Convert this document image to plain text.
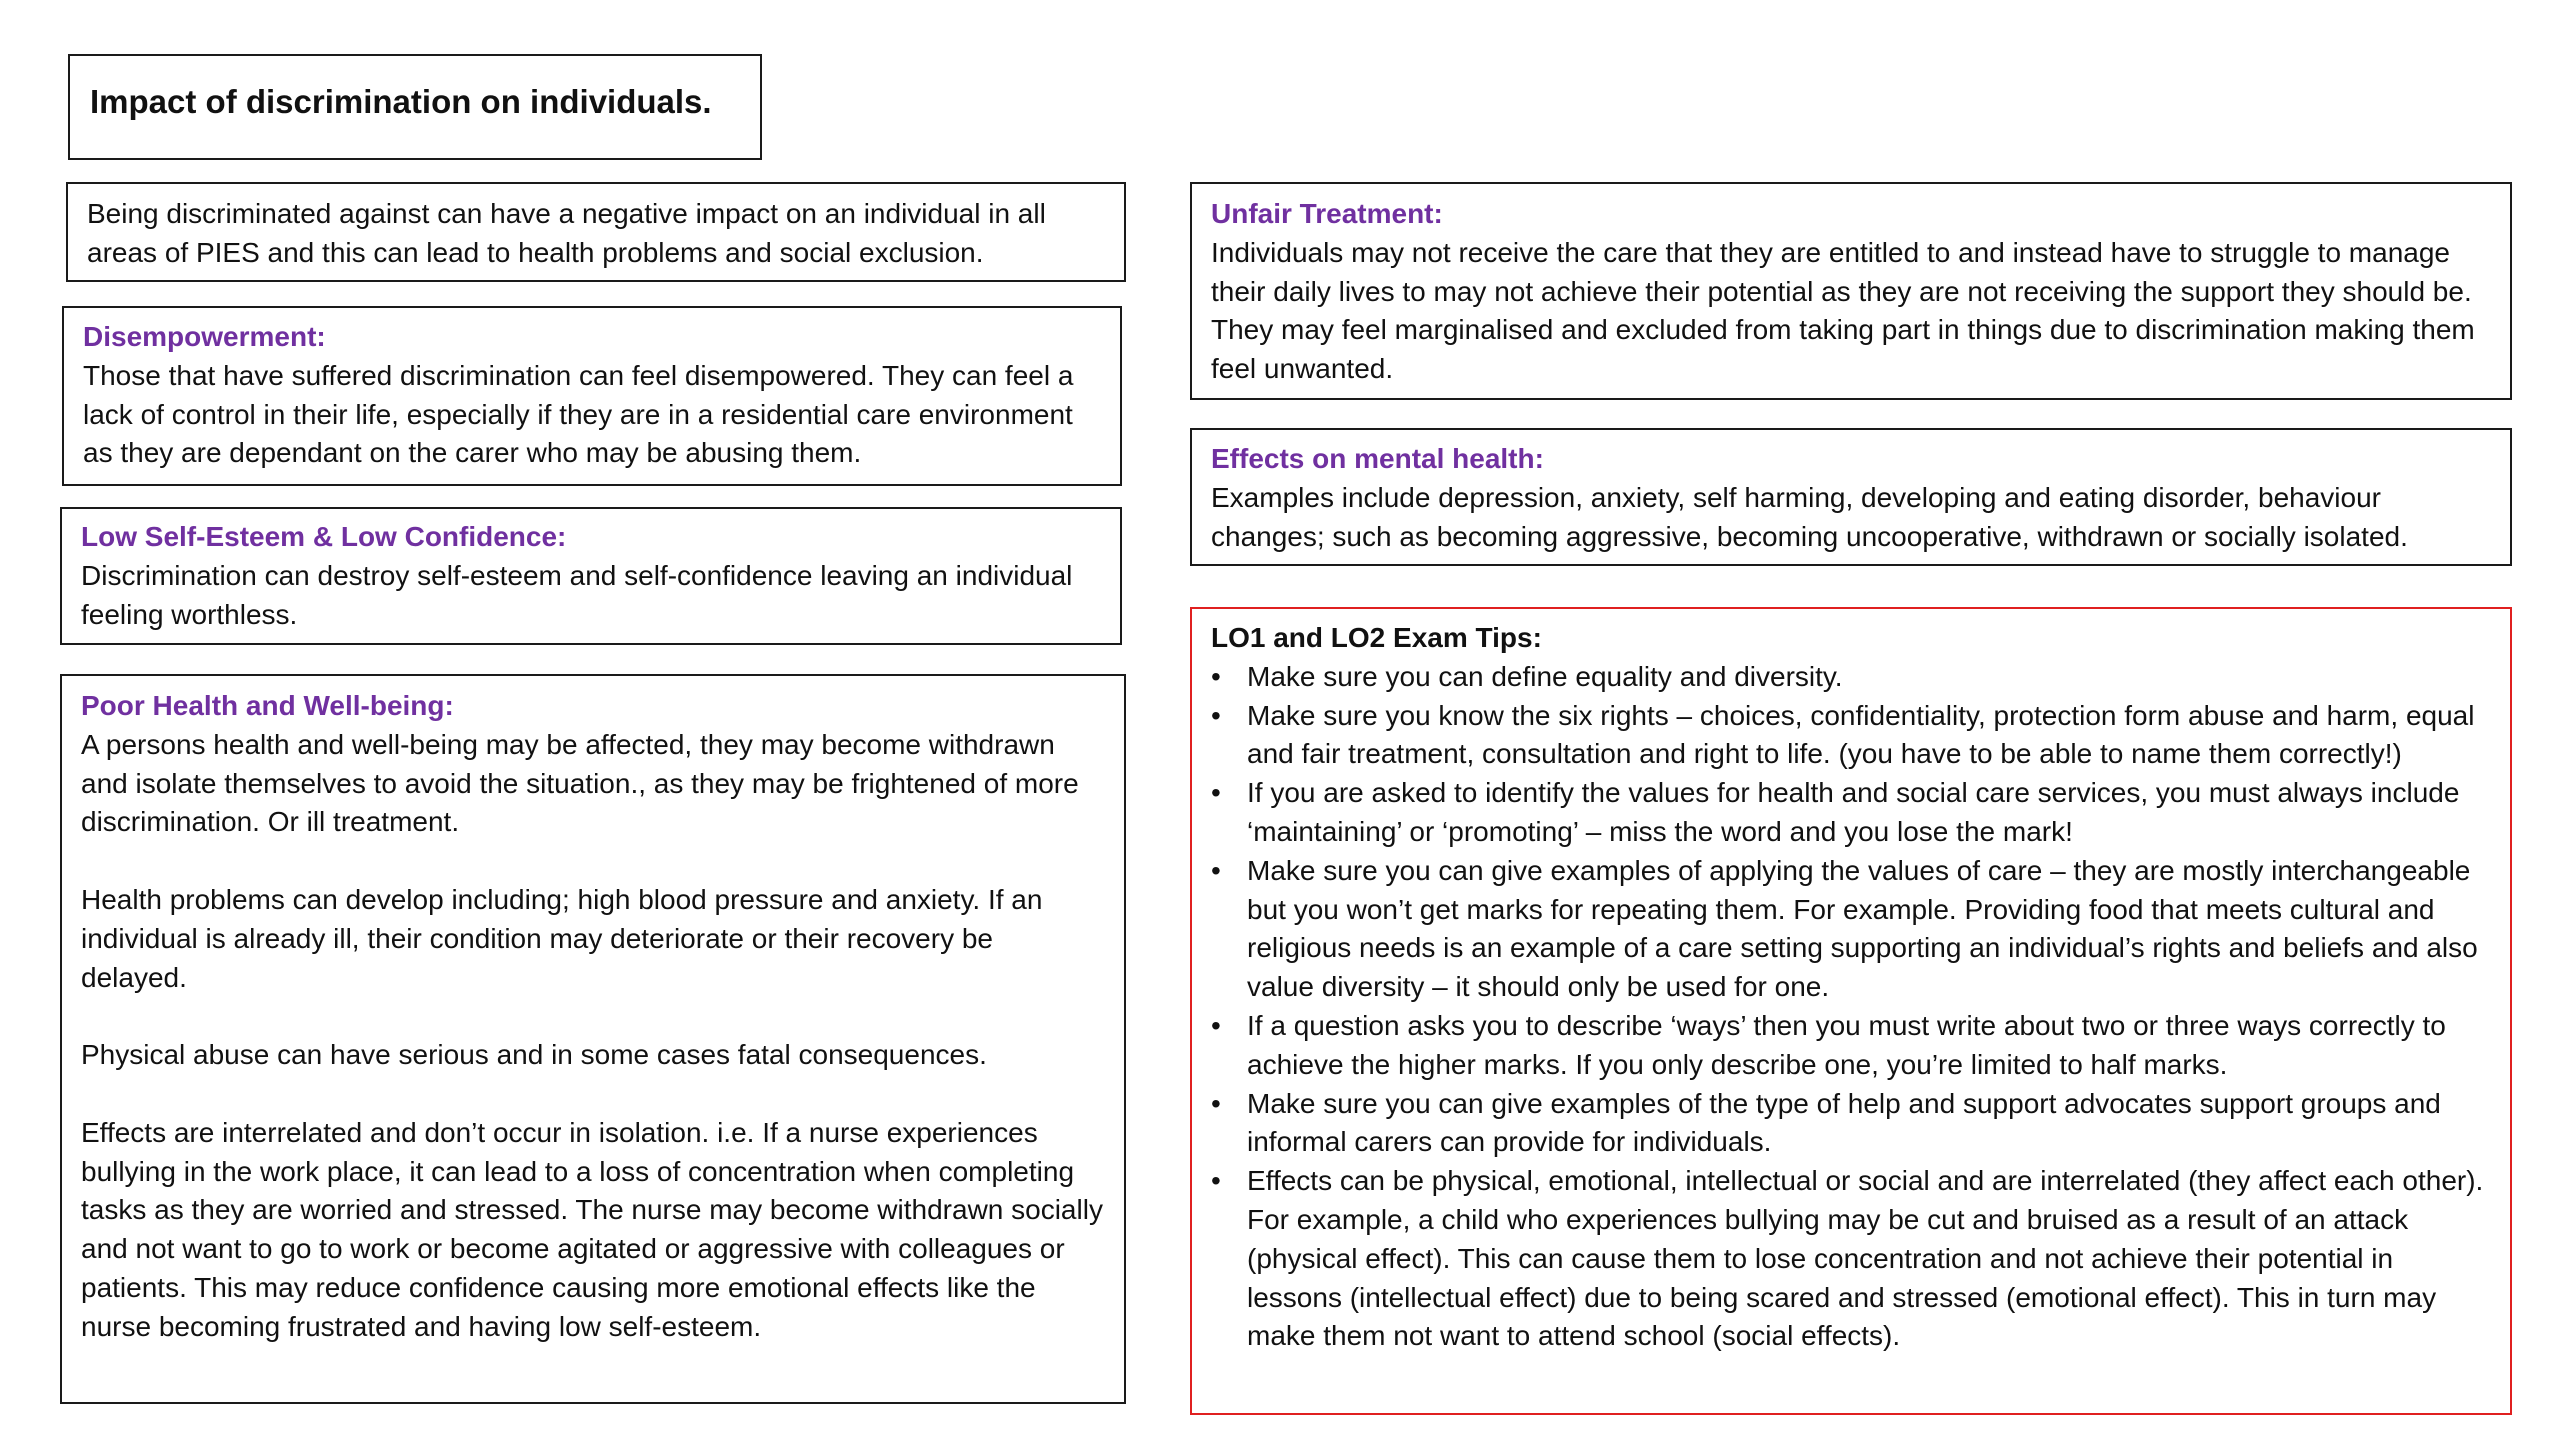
Impact of discrimination on individuals.

Being discriminated against can have a negative impact on an individual in all areas of PIES and this can lead to health problems and social exclusion.

Disempowerment:

Those that have suffered discrimination can feel disempowered. They can feel a lack of control in their life, especially if they are in a residential care environment as they are dependant on the carer who may be abusing them.

Low Self-Esteem & Low Confidence:

Discrimination can destroy self-esteem and self-confidence leaving an individual feeling worthless.

Poor Health and Well-being:

A persons health and well-being may be affected, they may become withdrawn and isolate themselves to avoid the situation., as they may be frightened of more discrimination. Or ill treatment.

Health problems can develop including; high blood pressure and anxiety. If an individual is already ill, their condition may deteriorate or their recovery be delayed.

Physical abuse can have serious and in some cases fatal consequences.

Effects are interrelated and don’t occur in isolation. i.e. If a nurse experiences bullying in the work place, it can lead to a loss of concentration when completing tasks as they are worried and stressed. The nurse may become withdrawn socially and not want to go to work or become agitated or aggressive with colleagues or patients. This may reduce confidence causing more emotional effects like the nurse becoming frustrated and having low self-esteem.

Unfair Treatment:

Individuals may not receive the care that they are entitled to and instead have to struggle to manage their daily lives to may not achieve their potential as they are not receiving the support they should be. They may feel marginalised and excluded from taking part in things due to discrimination making them feel unwanted.

Effects on mental health:

Examples include depression, anxiety, self harming, developing and eating disorder, behaviour changes; such as becoming aggressive, becoming uncooperative, withdrawn or socially isolated.

LO1 and LO2 Exam Tips:
• Make sure you can define equality and diversity.
• Make sure you know the six rights – choices, confidentiality, protection form abuse and harm, equal and fair treatment, consultation and right to life. (you have to be able to name them correctly!)
• If you are asked to identify the values for health and social care services, you must always include ‘maintaining’ or ‘promoting’ – miss the word and you lose the mark!
• Make sure you can give examples of applying the values of care – they are mostly interchangeable but you won’t get marks for repeating them. For example. Providing food that meets cultural and religious needs is an example of a care setting supporting an individual’s rights and beliefs and also value diversity – it should only be used for one.
• If a question asks you to describe ‘ways’ then you must write about two or three ways correctly to achieve the higher marks. If you only describe one, you’re limited to half marks.
• Make sure you can give examples of the type of help and support advocates support groups and informal carers can provide for individuals.
• Effects can be physical, emotional, intellectual or social and are interrelated (they affect each other). For example, a child who experiences bullying may be cut and bruised as a result of an attack (physical effect). This can cause them to lose concentration and not achieve their potential in lessons (intellectual effect) due to being scared and stressed (emotional effect). This in turn may make them not want to attend school (social effects).
